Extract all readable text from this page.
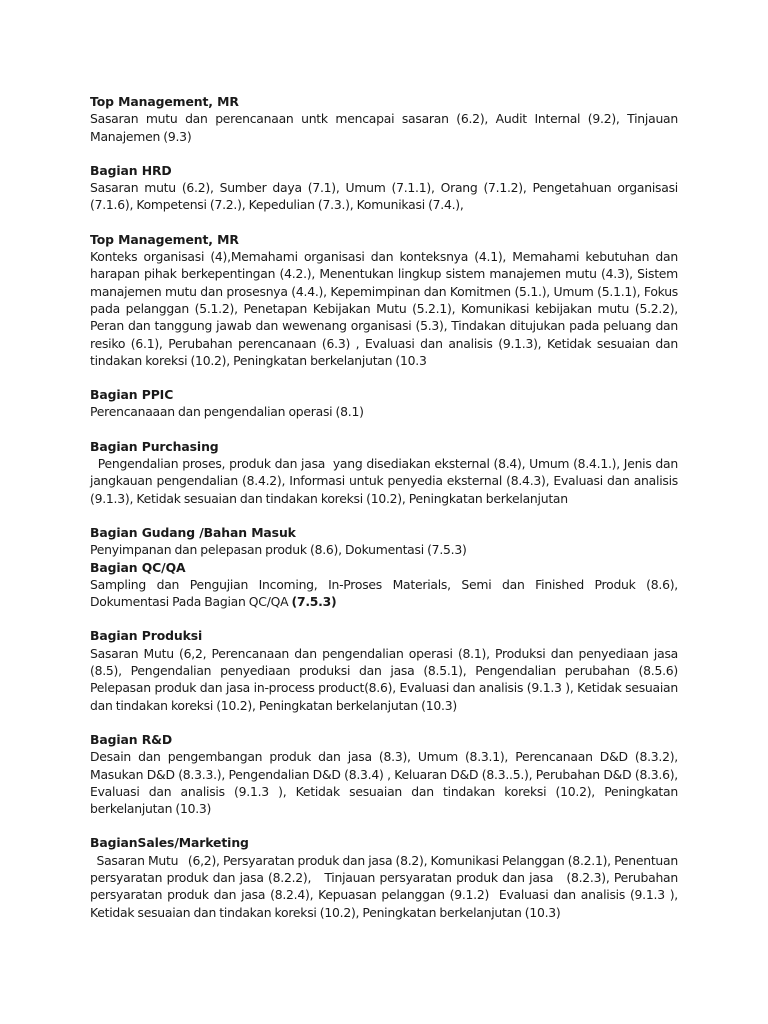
Top Management, MR

Sasaran mutu dan perencanaan untk mencapai sasaran (6.2), Audit Internal (9.2), Tinjauan Manajemen (9.3)

Bagian HRD

Sasaran mutu (6.2), Sumber daya (7.1), Umum (7.1.1), Orang (7.1.2), Pengetahuan organisasi (7.1.6), Kompetensi (7.2.), Kepedulian (7.3.), Komunikasi (7.4.),

Top Management, MR

Konteks organisasi (4),Memahami organisasi dan konteksnya (4.1), Memahami kebutuhan dan harapan pihak berkepentingan (4.2.), Menentukan lingkup sistem manajemen mutu (4.3), Sistem manajemen mutu dan prosesnya (4.4.), Kepemimpinan dan Komitmen (5.1.), Umum (5.1.1), Fokus pada pelanggan (5.1.2), Penetapan Kebijakan Mutu (5.2.1), Komunikasi kebijakan mutu (5.2.2), Peran dan tanggung jawab dan wewenang organisasi (5.3), Tindakan ditujukan pada peluang dan resiko (6.1), Perubahan perencanaan (6.3) , Evaluasi dan analisis (9.1.3), Ketidak sesuaian dan tindakan koreksi (10.2), Peningkatan berkelanjutan (10.3

Bagian PPIC

Perencanaaan dan pengendalian operasi (8.1)

Bagian Purchasing

Pengendalian proses, produk dan jasa  yang disediakan eksternal (8.4), Umum (8.4.1.), Jenis dan jangkauan pengendalian (8.4.2), Informasi untuk penyedia eksternal (8.4.3), Evaluasi dan analisis (9.1.3), Ketidak sesuaian dan tindakan koreksi (10.2), Peningkatan berkelanjutan

Bagian Gudang /Bahan Masuk

Penyimpanan dan pelepasan produk (8.6), Dokumentasi (7.5.3)

Bagian QC/QA

Sampling dan Pengujian Incoming, In-Proses Materials, Semi dan Finished Produk (8.6), Dokumentasi Pada Bagian QC/QA (7.5.3)

Bagian Produksi

Sasaran Mutu (6,2, Perencanaan dan pengendalian operasi (8.1), Produksi dan penyediaan jasa (8.5), Pengendalian penyediaan produksi dan jasa (8.5.1), Pengendalian perubahan (8.5.6) Pelepasan produk dan jasa in-process product(8.6), Evaluasi dan analisis (9.1.3 ), Ketidak sesuaian dan tindakan koreksi (10.2), Peningkatan berkelanjutan (10.3)

Bagian R&D

Desain dan pengembangan produk dan jasa (8.3), Umum (8.3.1), Perencanaan D&D (8.3.2), Masukan D&D (8.3.3.), Pengendalian D&D (8.3.4) , Keluaran D&D (8.3..5.), Perubahan D&D (8.3.6), Evaluasi dan analisis (9.1.3 ), Ketidak sesuaian dan tindakan koreksi (10.2), Peningkatan berkelanjutan (10.3)

BagianSales/Marketing

Sasaran Mutu   (6,2), Persyaratan produk dan jasa (8.2), Komunikasi Pelanggan (8.2.1), Penentuan persyaratan produk dan jasa (8.2.2),   Tinjauan persyaratan produk dan jasa   (8.2.3), Perubahan persyaratan produk dan jasa (8.2.4), Kepuasan pelanggan (9.1.2)  Evaluasi dan analisis (9.1.3 ), Ketidak sesuaian dan tindakan koreksi (10.2), Peningkatan berkelanjutan (10.3)
